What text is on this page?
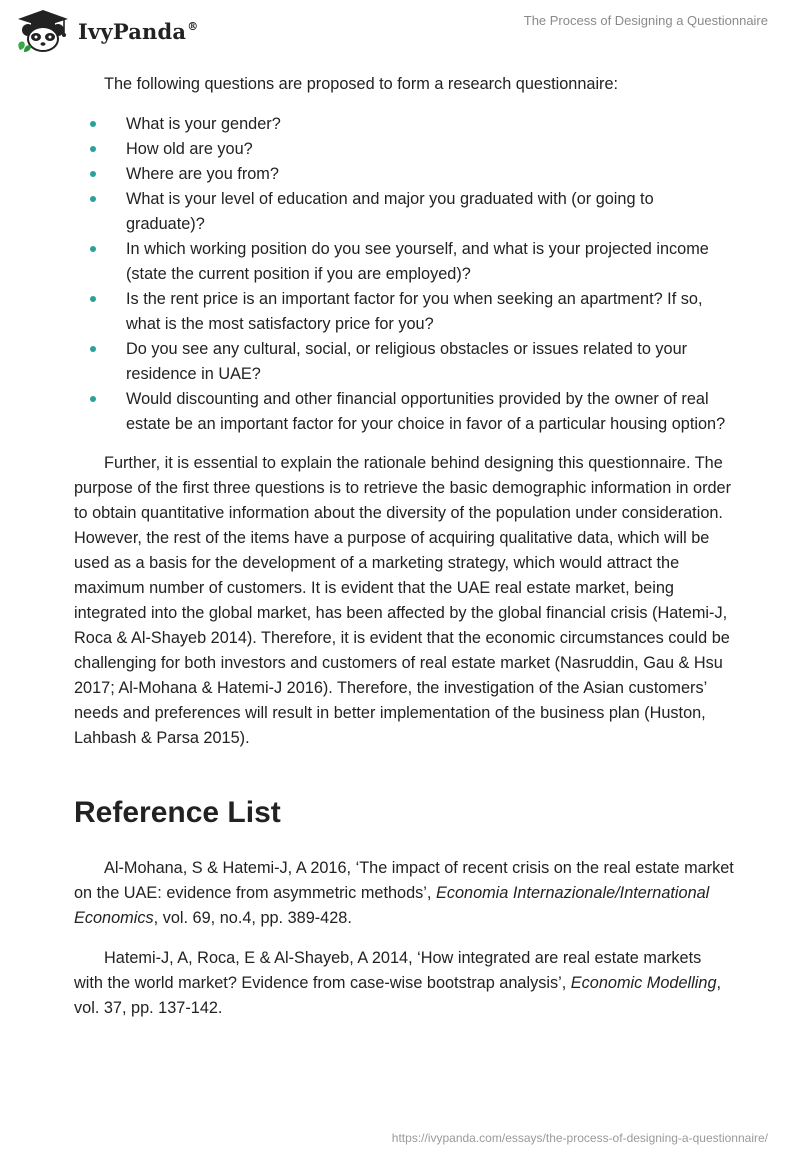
IvyPanda®	The Process of Designing a Questionnaire

The following questions are proposed to form a research questionnaire:

What is your gender?
How old are you?
Where are you from?
What is your level of education and major you graduated with (or going to graduate)?
In which working position do you see yourself, and what is your projected income (state the current position if you are employed)?
Is the rent price is an important factor for you when seeking an apartment? If so, what is the most satisfactory price for you?
Do you see any cultural, social, or religious obstacles or issues related to your residence in UAE?
Would discounting and other financial opportunities provided by the owner of real estate be an important factor for your choice in favor of a particular housing option?

Further, it is essential to explain the rationale behind designing this questionnaire. The purpose of the first three questions is to retrieve the basic demographic information in order to obtain quantitative information about the diversity of the population under consideration. However, the rest of the items have a purpose of acquiring qualitative data, which will be used as a basis for the development of a marketing strategy, which would attract the maximum number of customers. It is evident that the UAE real estate market, being integrated into the global market, has been affected by the global financial crisis (Hatemi-J, Roca & Al-Shayeb 2014). Therefore, it is evident that the economic circumstances could be challenging for both investors and customers of real estate market (Nasruddin, Gau & Hsu 2017; Al-Mohana & Hatemi-J 2016). Therefore, the investigation of the Asian customers’ needs and preferences will result in better implementation of the business plan (Huston, Lahbash & Parsa 2015).

Reference List

Al-Mohana, S & Hatemi-J, A 2016, ‘The impact of recent crisis on the real estate market on the UAE: evidence from asymmetric methods’, Economia Internazionale/International Economics, vol. 69, no.4, pp. 389-428.

Hatemi-J, A, Roca, E & Al-Shayeb, A 2014, ‘How integrated are real estate markets with the world market? Evidence from case-wise bootstrap analysis’, Economic Modelling, vol. 37, pp. 137-142.

https://ivypanda.com/essays/the-process-of-designing-a-questionnaire/
